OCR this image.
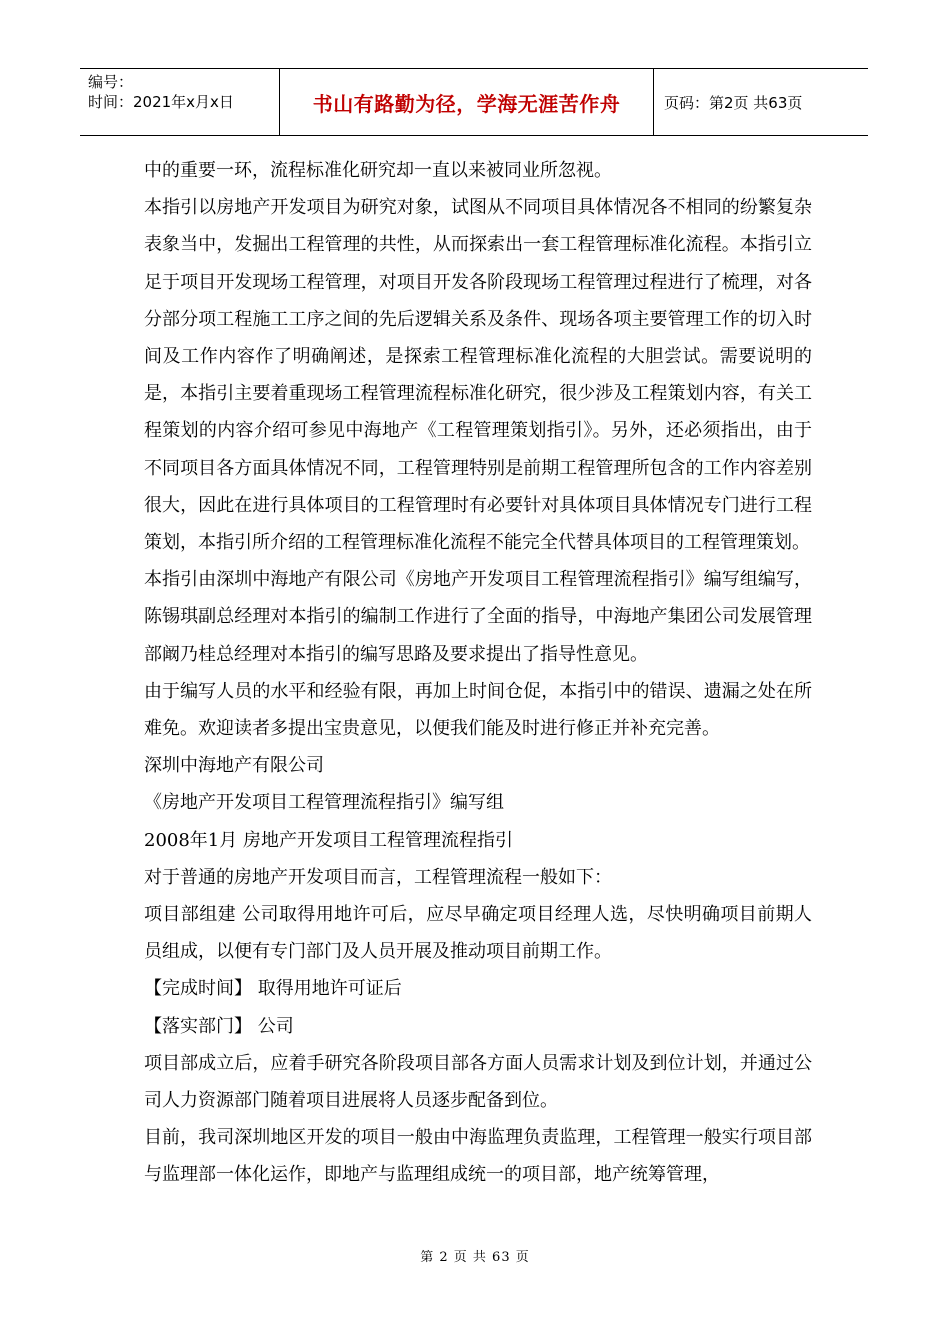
编号：
时间：2021年x月x日	书山有路勤为径，学海无涯苦作舟	页码：第2页 共63页

中的重要一环，流程标准化研究却一直以来被同业所忽视。

本指引以房地产开发项目为研究对象，试图从不同项目具体情况各不相同的纷繁复杂表象当中，发掘出工程管理的共性，从而探索出一套工程管理标准化流程。本指引立足于项目开发现场工程管理，对项目开发各阶段现场工程管理过程进行了梳理，对各分部分项工程施工工序之间的先后逻辑关系及条件、现场各项主要管理工作的切入时间及工作内容作了明确阐述，是探索工程管理标准化流程的大胆尝试。需要说明的是，本指引主要着重现场工程管理流程标准化研究，很少涉及工程策划内容，有关工程策划的内容介绍可参见中海地产《工程管理策划指引》。另外，还必须指出，由于不同项目各方面具体情况不同，工程管理特别是前期工程管理所包含的工作内容差别很大，因此在进行具体项目的工程管理时有必要针对具体项目具体情况专门进行工程策划，本指引所介绍的工程管理标准化流程不能完全代替具体项目的工程管理策划。

本指引由深圳中海地产有限公司《房地产开发项目工程管理流程指引》编写组编写，陈锡琪副总经理对本指引的编制工作进行了全面的指导，中海地产集团公司发展管理部阚乃桂总经理对本指引的编写思路及要求提出了指导性意见。

由于编写人员的水平和经验有限，再加上时间仓促，本指引中的错误、遗漏之处在所难免。欢迎读者多提出宝贵意见，以便我们能及时进行修正并补充完善。

深圳中海地产有限公司

《房地产开发项目工程管理流程指引》编写组

2008年1月 房地产开发项目工程管理流程指引

对于普通的房地产开发项目而言，工程管理流程一般如下：

项目部组建 公司取得用地许可后，应尽早确定项目经理人选，尽快明确项目前期人员组成，以便有专门部门及人员开展及推动项目前期工作。

【完成时间】 取得用地许可证后

【落实部门】 公司

项目部成立后，应着手研究各阶段项目部各方面人员需求计划及到位计划，并通过公司人力资源部门随着项目进展将人员逐步配备到位。

目前，我司深圳地区开发的项目一般由中海监理负责监理，工程管理一般实行项目部与监理部一体化运作，即地产与监理组成统一的项目部，地产统筹管理，

第 2 页 共 63 页
